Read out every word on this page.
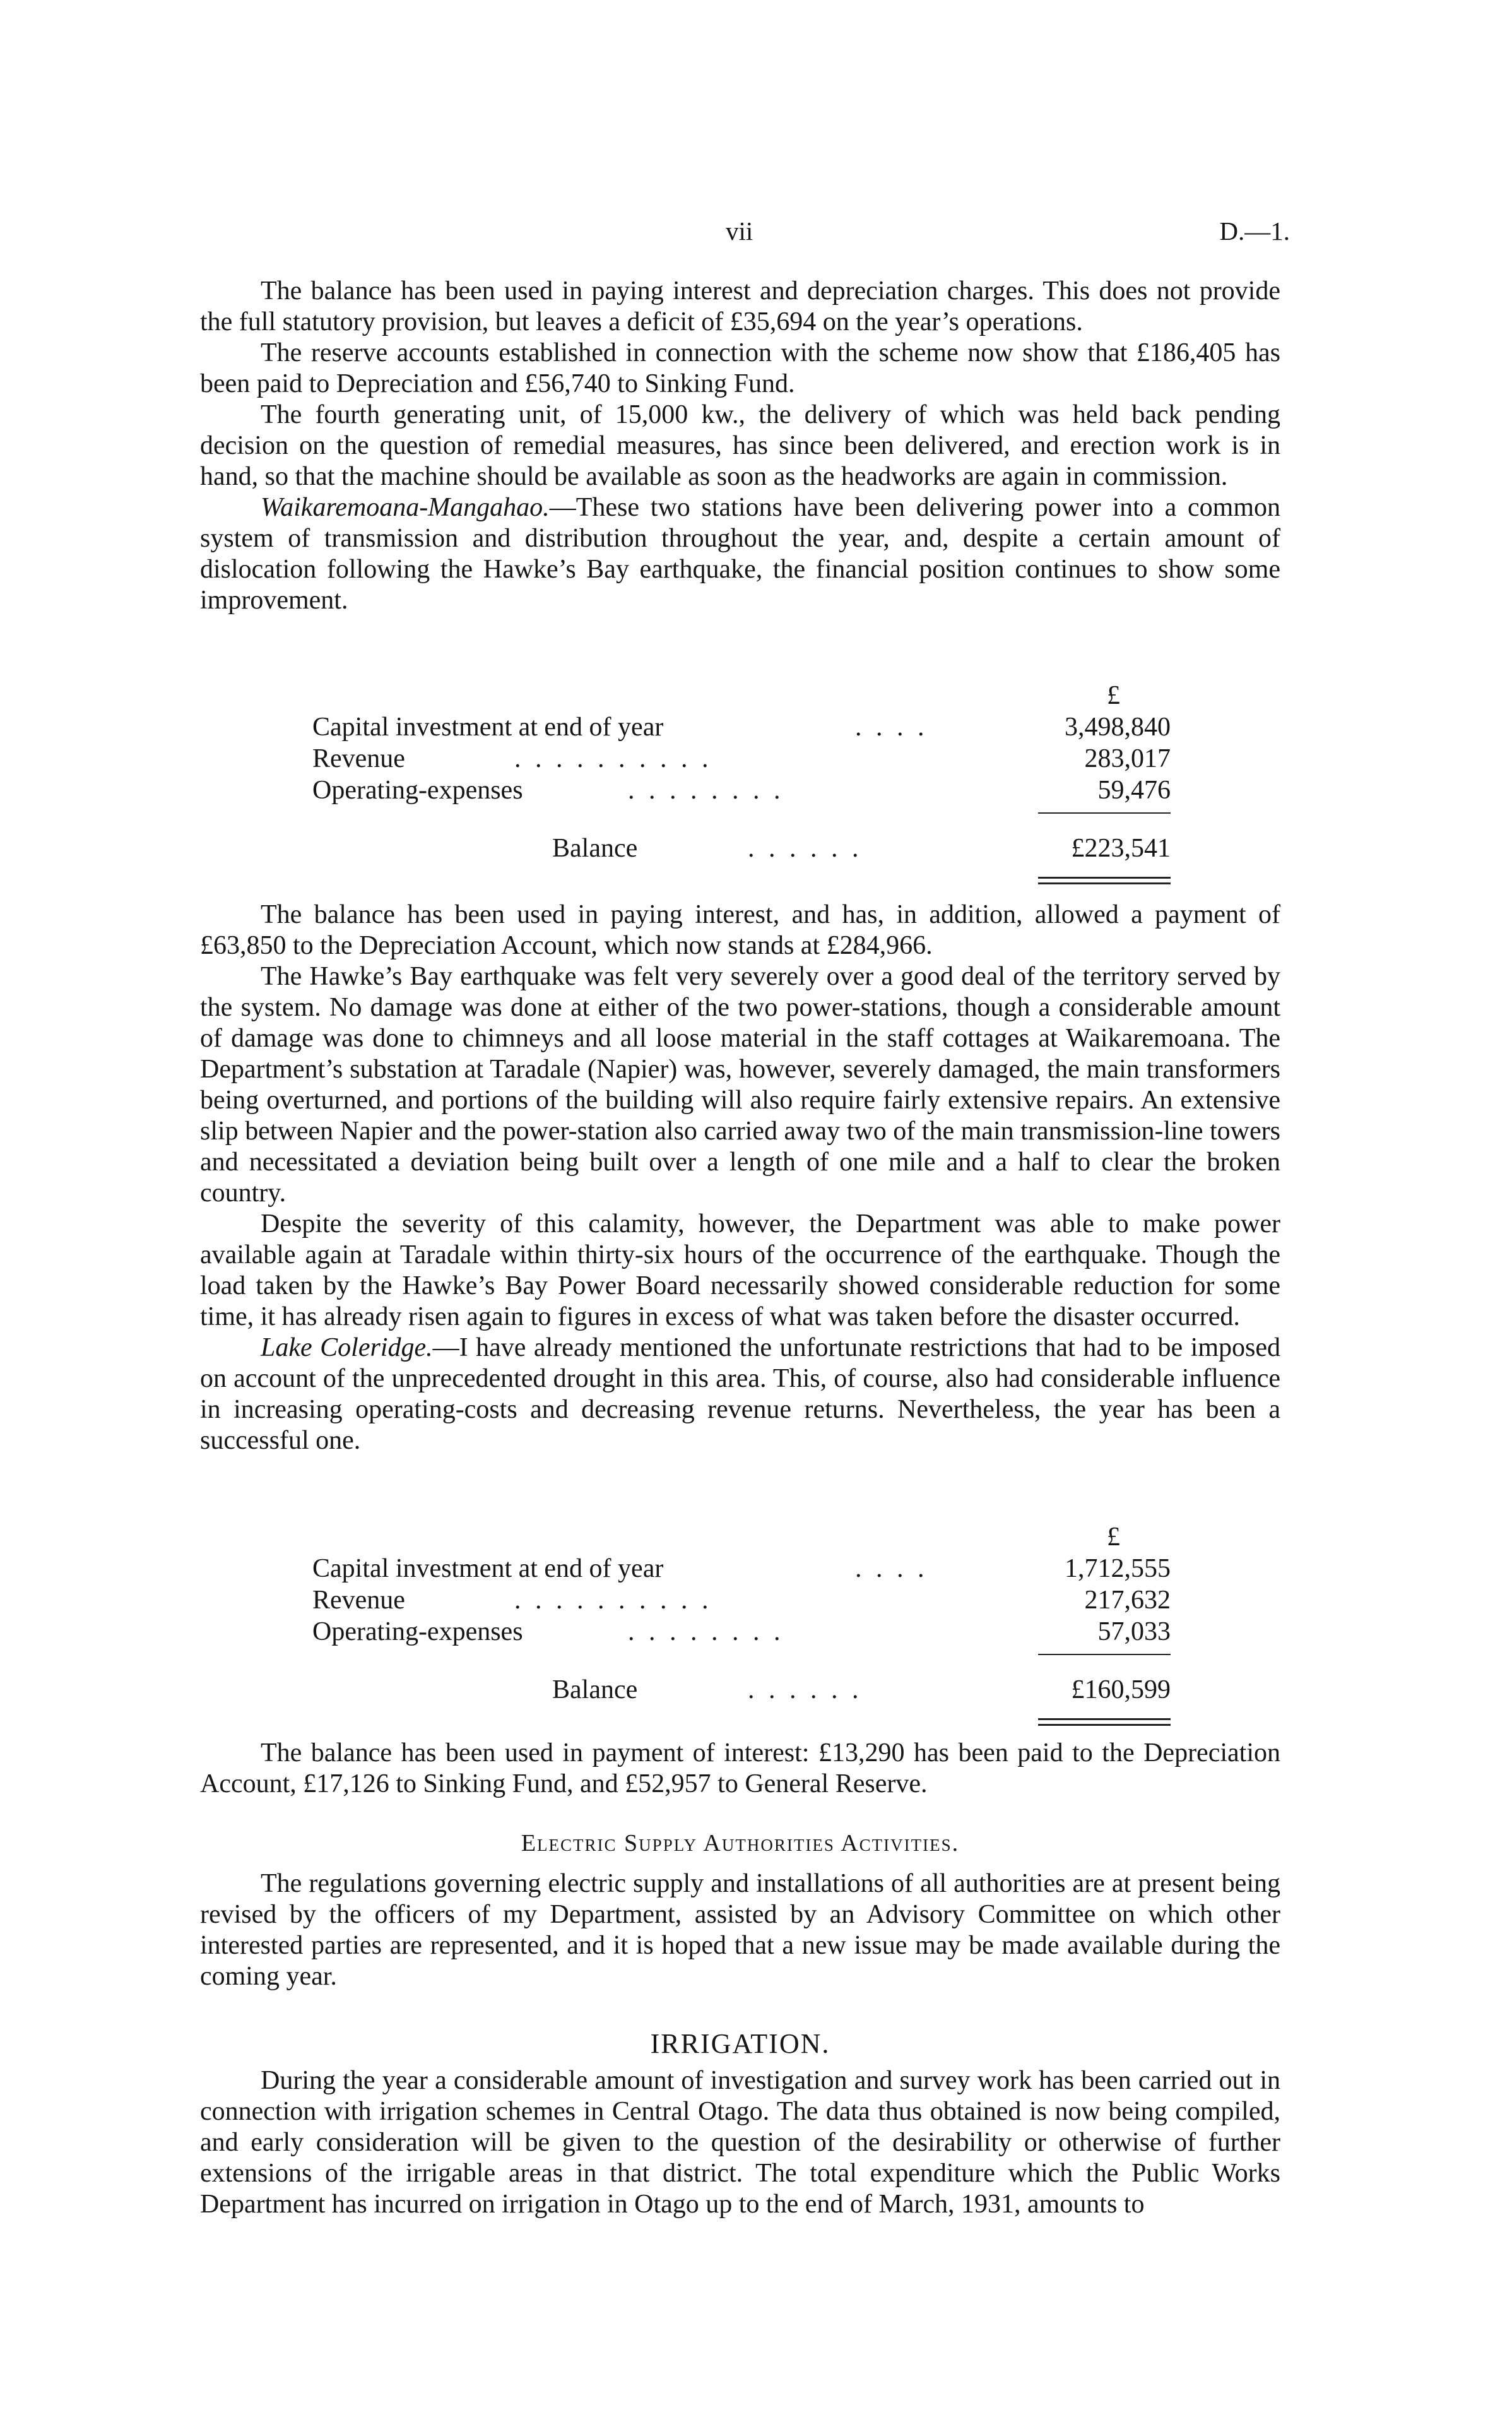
vii	D.—1.

The balance has been used in paying interest and depreciation charges. This does not provide the full statutory provision, but leaves a deficit of £35,694 on the year’s operations.

The reserve accounts established in connection with the scheme now show that £186,405 has been paid to Depreciation and £56,740 to Sinking Fund.

The fourth generating unit, of 15,000 kw., the delivery of which was held back pending decision on the question of remedial measures, has since been delivered, and erection work is in hand, so that the machine should be available as soon as the headworks are again in commission.

Waikaremoana-Mangahao.—These two stations have been delivering power into a common system of transmission and distribution throughout the year, and, despite a certain amount of dislocation following the Hawke’s Bay earthquake, the financial position continues to show some improvement.

£
Capital investment at end of year	. . . .	3,498,840
Revenue	. . . . . . . . . .	283,017
Operating-expenses	. . . . . . . .	59,476
Balance	. . . . . .	£223,541

The balance has been used in paying interest, and has, in addition, allowed a payment of £63,850 to the Depreciation Account, which now stands at £284,966.

The Hawke’s Bay earthquake was felt very severely over a good deal of the territory served by the system. No damage was done at either of the two power-stations, though a considerable amount of damage was done to chimneys and all loose material in the staff cottages at Waikaremoana. The Department’s substation at Taradale (Napier) was, however, severely damaged, the main transformers being overturned, and portions of the building will also require fairly extensive repairs. An extensive slip between Napier and the power-station also carried away two of the main transmission-line towers and necessitated a deviation being built over a length of one mile and a half to clear the broken country.

Despite the severity of this calamity, however, the Department was able to make power available again at Taradale within thirty-six hours of the occurrence of the earthquake. Though the load taken by the Hawke’s Bay Power Board necessarily showed considerable reduction for some time, it has already risen again to figures in excess of what was taken before the disaster occurred.

Lake Coleridge.—I have already mentioned the unfortunate restrictions that had to be imposed on account of the unprecedented drought in this area. This, of course, also had considerable influence in increasing operating-costs and decreasing revenue returns. Nevertheless, the year has been a successful one.

£
Capital investment at end of year	. . . .	1,712,555
Revenue	. . . . . . . . . .	217,632
Operating-expenses	. . . . . . . .	57,033
Balance	. . . . . .	£160,599

The balance has been used in payment of interest: £13,290 has been paid to the Depreciation Account, £17,126 to Sinking Fund, and £52,957 to General Reserve.

Electric Supply Authorities Activities.

The regulations governing electric supply and installations of all authorities are at present being revised by the officers of my Department, assisted by an Advisory Committee on which other interested parties are represented, and it is hoped that a new issue may be made available during the coming year.

IRRIGATION.

During the year a considerable amount of investigation and survey work has been carried out in connection with irrigation schemes in Central Otago. The data thus obtained is now being compiled, and early consideration will be given to the question of the desirability or otherwise of further extensions of the irrigable areas in that district. The total expenditure which the Public Works Department has incurred on irrigation in Otago up to the end of March, 1931, amounts to
